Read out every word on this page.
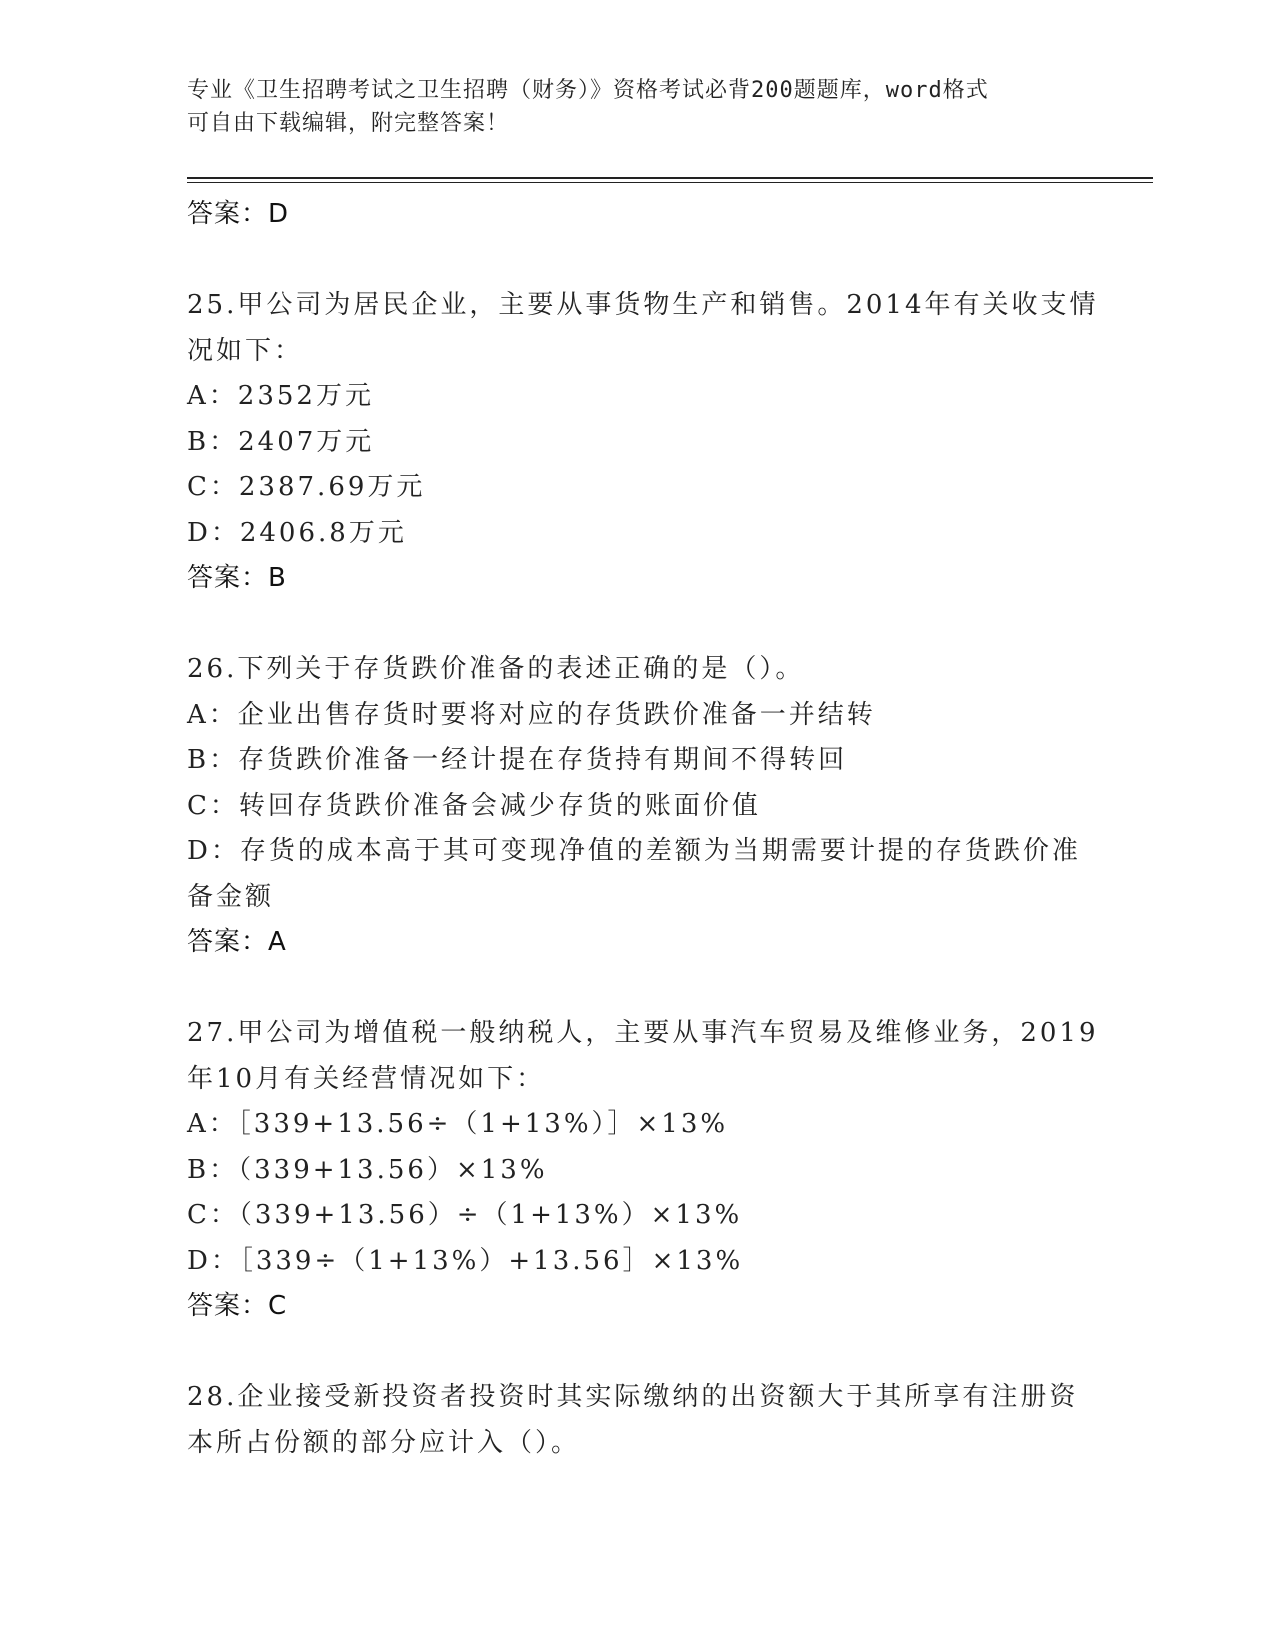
专业《卫生招聘考试之卫生招聘（财务）》资格考试必背200题题库，word格式
可自由下载编辑，附完整答案！
答案：D
25.甲公司为居民企业，主要从事货物生产和销售。2014年有关收支情
况如下：
A：2352万元
B：2407万元
C：2387.69万元
D：2406.8万元
答案：B
26.下列关于存货跌价准备的表述正确的是（）。
A：企业出售存货时要将对应的存货跌价准备一并结转
B：存货跌价准备一经计提在存货持有期间不得转回
C：转回存货跌价准备会减少存货的账面价值
D：存货的成本高于其可变现净值的差额为当期需要计提的存货跌价准
备金额
答案：A
27.甲公司为增值税一般纳税人，主要从事汽车贸易及维修业务，2019
年10月有关经营情况如下：
A：［339+13.56÷（1+13%）］×13%
B：（339+13.56）×13%
C：（339+13.56）÷（1+13%）×13%
D：［339÷（1+13%）+13.56］×13%
答案：C
28.企业接受新投资者投资时其实际缴纳的出资额大于其所享有注册资
本所占份额的部分应计入（）。
